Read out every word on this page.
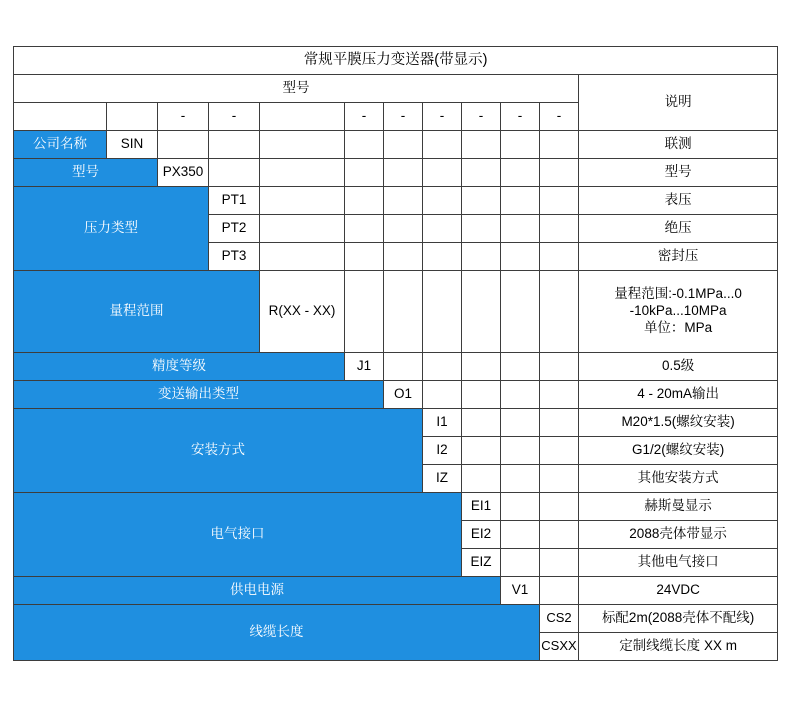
常规平膜压力变送器(带显示)											
型号											说明
		-	-		-	-	-	-	-	-	
公司名称	SIN										联测
型号		PX350									型号
压力类型			PT1								表压
			PT2								绝压
			PT3								密封压
量程范围				R(XX - XX)							量程范围:-0.1MPa...0
-10kPa...10MPa
单位：MPa

精度等级					J1						0.5级
变送输出类型						O1					4 - 20mA输出
安装方式							I1				M20*1.5(螺纹安装)
							I2				G1/2(螺纹安装)
							IZ				其他安装方式
电气接口								EI1			赫斯曼显示
								EI2			2088壳体带显示
								EIZ			其他电气接口
供电电源									V1		24VDC
线缆长度										CS2	标配2m(2088壳体不配线)
										CSXX	定制线缆长度 XX m
